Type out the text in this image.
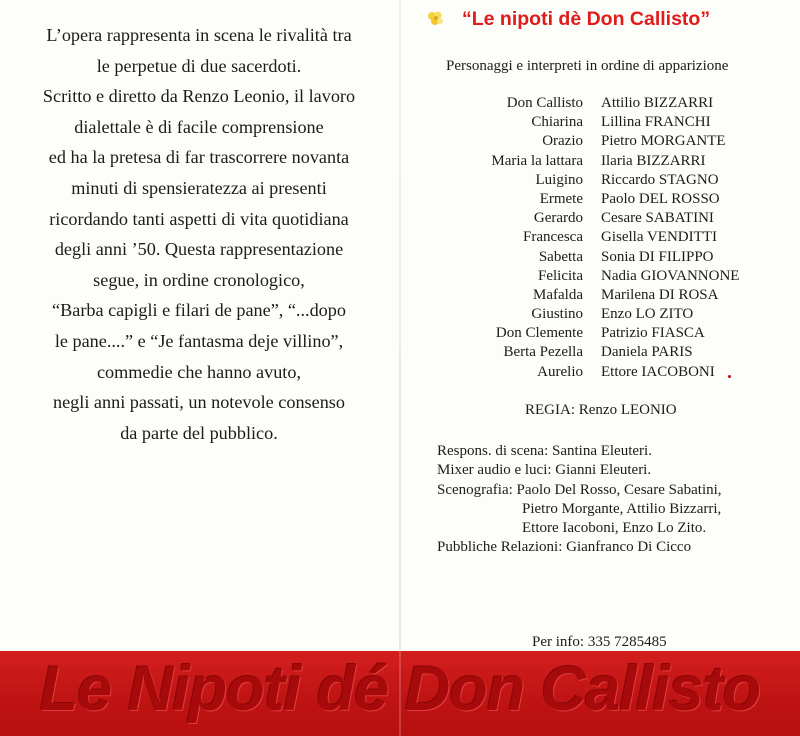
L’opera rappresenta in scena le rivalità tra
le perpetue di due sacerdoti.
Scritto e diretto da Renzo Leonio, il lavoro
dialettale è di facile comprensione
ed ha la pretesa di far trascorrere novanta
minuti di spensieratezza ai presenti
ricordando tanti aspetti di vita quotidiana
degli anni ’50. Questa rappresentazione
segue, in ordine cronologico,
“Barba capigli e filari de pane”, “...dopo
le pane....” e “Je fantasma deje villino”,
commedie che hanno avuto,
negli anni passati, un notevole consenso
da parte del pubblico.
“Le nipoti dè Don Callisto”
Personaggi e interpreti in ordine di apparizione
Don Callisto Attilio BIZZARRI
Chiarina Lillina FRANCHI
Orazio Pietro MORGANTE
Maria la lattara Ilaria BIZZARRI
Luigino Riccardo STAGNO
Ermete Paolo DEL ROSSO
Gerardo Cesare SABATINI
Francesca Gisella VENDITTI
Sabetta Sonia DI FILIPPO
Felicita Nadia GIOVANNONE
Mafalda Marilena DI ROSA
Giustino Enzo LO ZITO
Don Clemente Patrizio FIASCA
Berta Pezella Daniela PARIS
Aurelio Ettore IACOBONI
REGIA: Renzo LEONIO
Respons. di scena: Santina Eleuteri.
Mixer audio e luci: Gianni Eleuteri.
Scenografia: Paolo Del Rosso, Cesare Sabatini,
Pietro Morgante, Attilio Bizzarri,
Ettore Iacoboni, Enzo Lo Zito.
Pubbliche Relazioni: Gianfranco Di Cicco
Per info: 335 7285485
Le Nipoti dé Don Callisto
